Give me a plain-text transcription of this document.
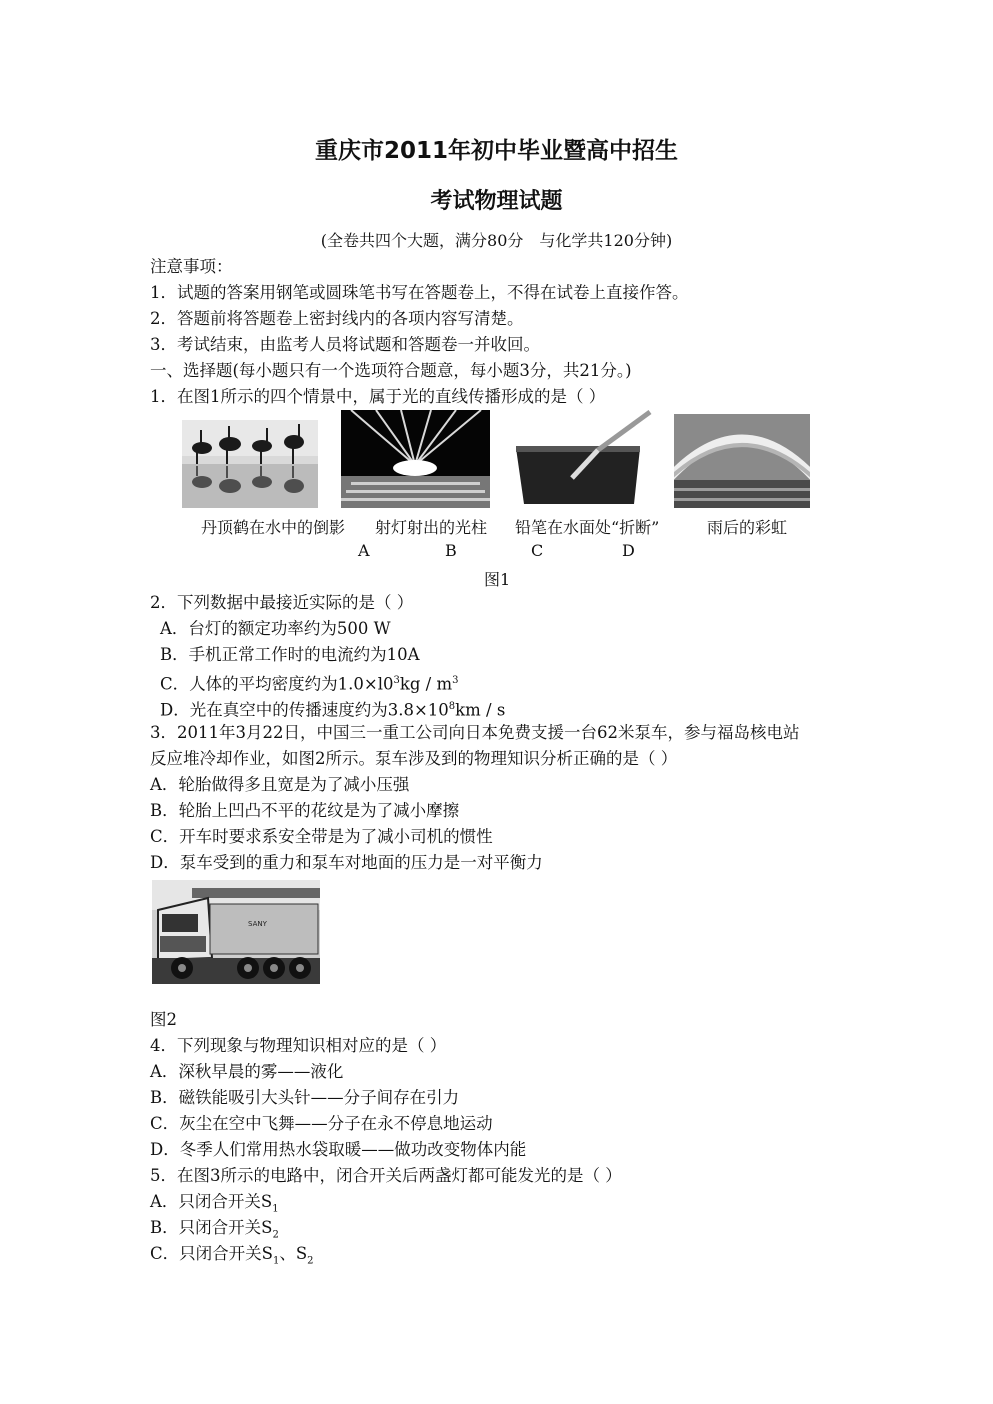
重庆市2011年初中毕业暨高中招生
考试物理试题
(全卷共四个大题，满分80分　与化学共120分钟)
注意事项：
1．试题的答案用钢笔或圆珠笔书写在答题卷上，不得在试卷上直接作答。
2．答题前将答题卷上密封线内的各项内容写清楚。
3．考试结束，由监考人员将试题和答题卷一并收回。
一、选择题(每小题只有一个选项符合题意，每小题3分，共21分。)
1．在图1所示的四个情景中，属于光的直线传播形成的是（ ）
丹顶鹤在水中的倒影 射灯射出的光柱 铅笔在水面处“折断”	雨后的彩虹
A	B	C	D
图1
2．下列数据中最接近实际的是（ ）
A．台灯的额定功率约为500 W
B．手机正常工作时的电流约为10A
C．人体的平均密度约为$1.0\times l0^3kg / m^3$
D．光在真空中的传播速度约为$3.8\times 10^8km / s$
3．2011年3月22日，中国三一重工公司向日本免费支援一台62米泵车，参与福岛核电站
反应堆冷却作业，如图2所示。泵车涉及到的物理知识分析正确的是（ ）
A．轮胎做得多且宽是为了减小压强
B．轮胎上凹凸不平的花纹是为了减小摩擦
C．开车时要求系安全带是为了减小司机的惯性
D．泵车受到的重力和泵车对地面的压力是一对平衡力
SANY
图2
4．下列现象与物理知识相对应的是（ ）
A．深秋早晨的雾——液化
B．磁铁能吸引大头针——分子间存在引力
C．灰尘在空中飞舞——分子在永不停息地运动
D．冬季人们常用热水袋取暖——做功改变物体内能
5．在图3所示的电路中，闭合开关后两盏灯都可能发光的是（ ）
A．只闭合开关$S_1$
B．只闭合开关$S_2$
C．只闭合开关$S_1$、$S_2$
